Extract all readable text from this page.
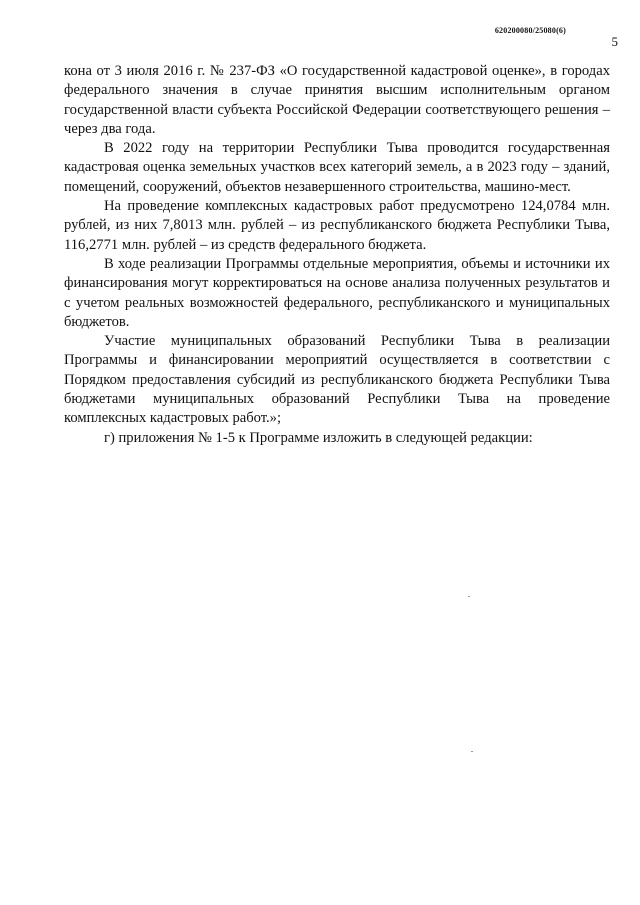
620200080/25080(6)
5

кона от 3 июля 2016 г. № 237-ФЗ «О государственной кадастровой оценке», в городах федерального значения в случае принятия высшим исполнительным органом государственной власти субъекта Российской Федерации соответствующего решения – через два года.

В 2022 году на территории Республики Тыва проводится государственная кадастровая оценка земельных участков всех категорий земель, а в 2023 году – зданий, помещений, сооружений, объектов незавершенного строительства, машино-мест.

На проведение комплексных кадастровых работ предусмотрено 124,0784 млн. рублей, из них 7,8013 млн. рублей – из республиканского бюджета Республики Тыва, 116,2771 млн. рублей – из средств федерального бюджета.

В ходе реализации Программы отдельные мероприятия, объемы и источники их финансирования могут корректироваться на основе анализа полученных результатов и с учетом реальных возможностей федерального, республиканского и муниципальных бюджетов.

Участие муниципальных образований Республики Тыва в реализации Программы и финансировании мероприятий осуществляется в соответствии с Порядком предоставления субсидий из республиканского бюджета Республики Тыва бюджетами муниципальных образований Республики Тыва на проведение комплексных кадастровых работ.»;

г) приложения № 1-5 к Программе изложить в следующей редакции:
